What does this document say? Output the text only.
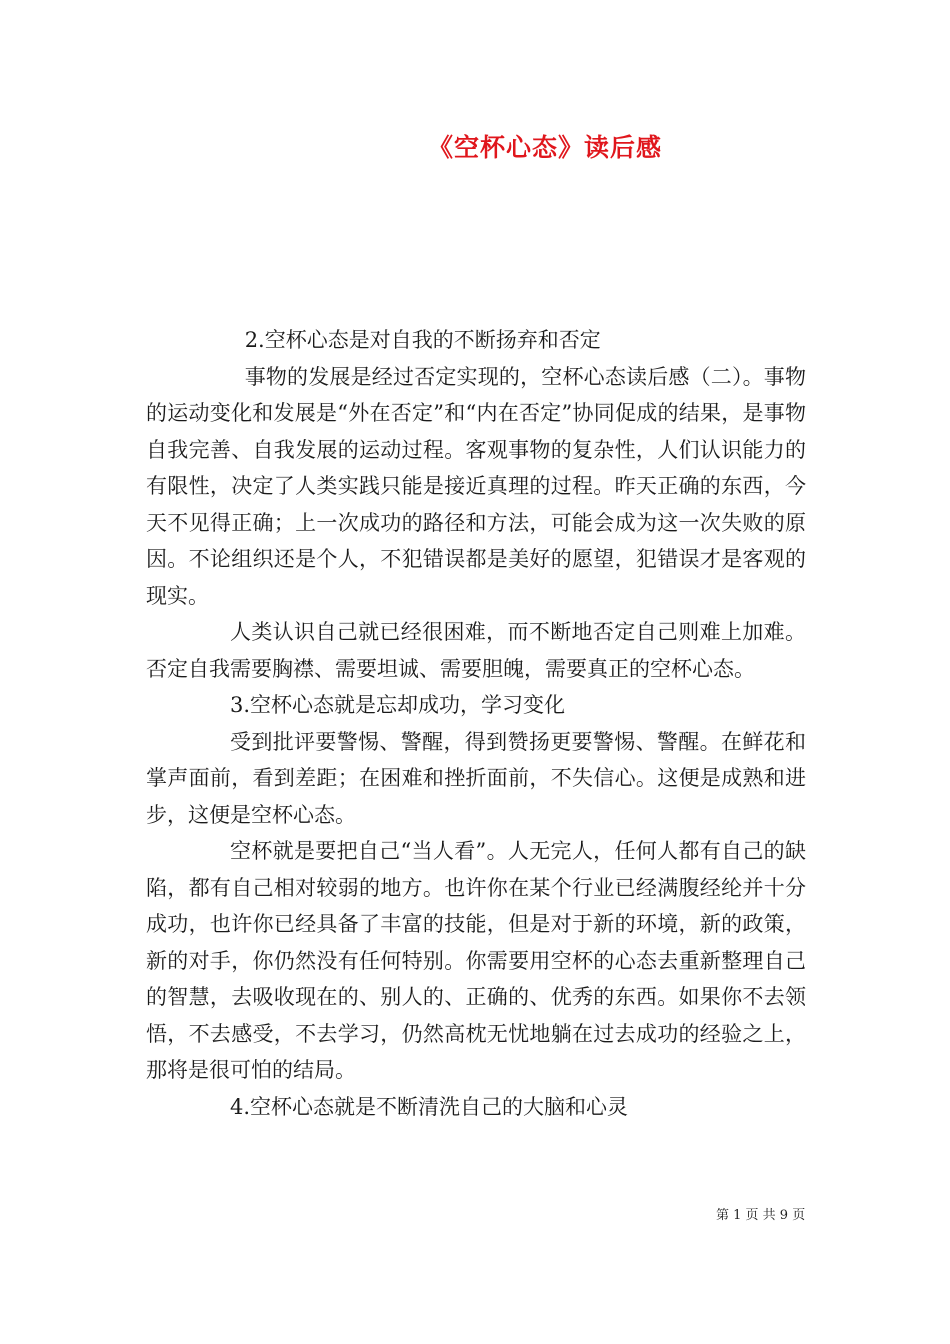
《空杯心态》读后感

2.空杯心态是对自我的不断扬弃和否定

事物的发展是经过否定实现的，空杯心态读后感（二）。事物的运动变化和发展是“外在否定”和“内在否定”协同促成的结果，是事物自我完善、自我发展的运动过程。客观事物的复杂性，人们认识能力的有限性，决定了人类实践只能是接近真理的过程。昨天正确的东西，今天不见得正确；上一次成功的路径和方法，可能会成为这一次失败的原因。不论组织还是个人，不犯错误都是美好的愿望，犯错误才是客观的现实。

人类认识自己就已经很困难，而不断地否定自己则难上加难。否定自我需要胸襟、需要坦诚、需要胆魄，需要真正的空杯心态。

3.空杯心态就是忘却成功，学习变化

受到批评要警惕、警醒，得到赞扬更要警惕、警醒。在鲜花和掌声面前，看到差距；在困难和挫折面前，不失信心。这便是成熟和进步，这便是空杯心态。

空杯就是要把自己“当人看”。人无完人，任何人都有自己的缺陷，都有自己相对较弱的地方。也许你在某个行业已经满腹经纶并十分成功，也许你已经具备了丰富的技能，但是对于新的环境，新的政策，新的对手，你仍然没有任何特别。你需要用空杯的心态去重新整理自己的智慧，去吸收现在的、别人的、正确的、优秀的东西。如果你不去领悟，不去感受，不去学习，仍然高枕无忧地躺在过去成功的经验之上，那将是很可怕的结局。

4.空杯心态就是不断清洗自己的大脑和心灵

第 1 页 共 9 页
